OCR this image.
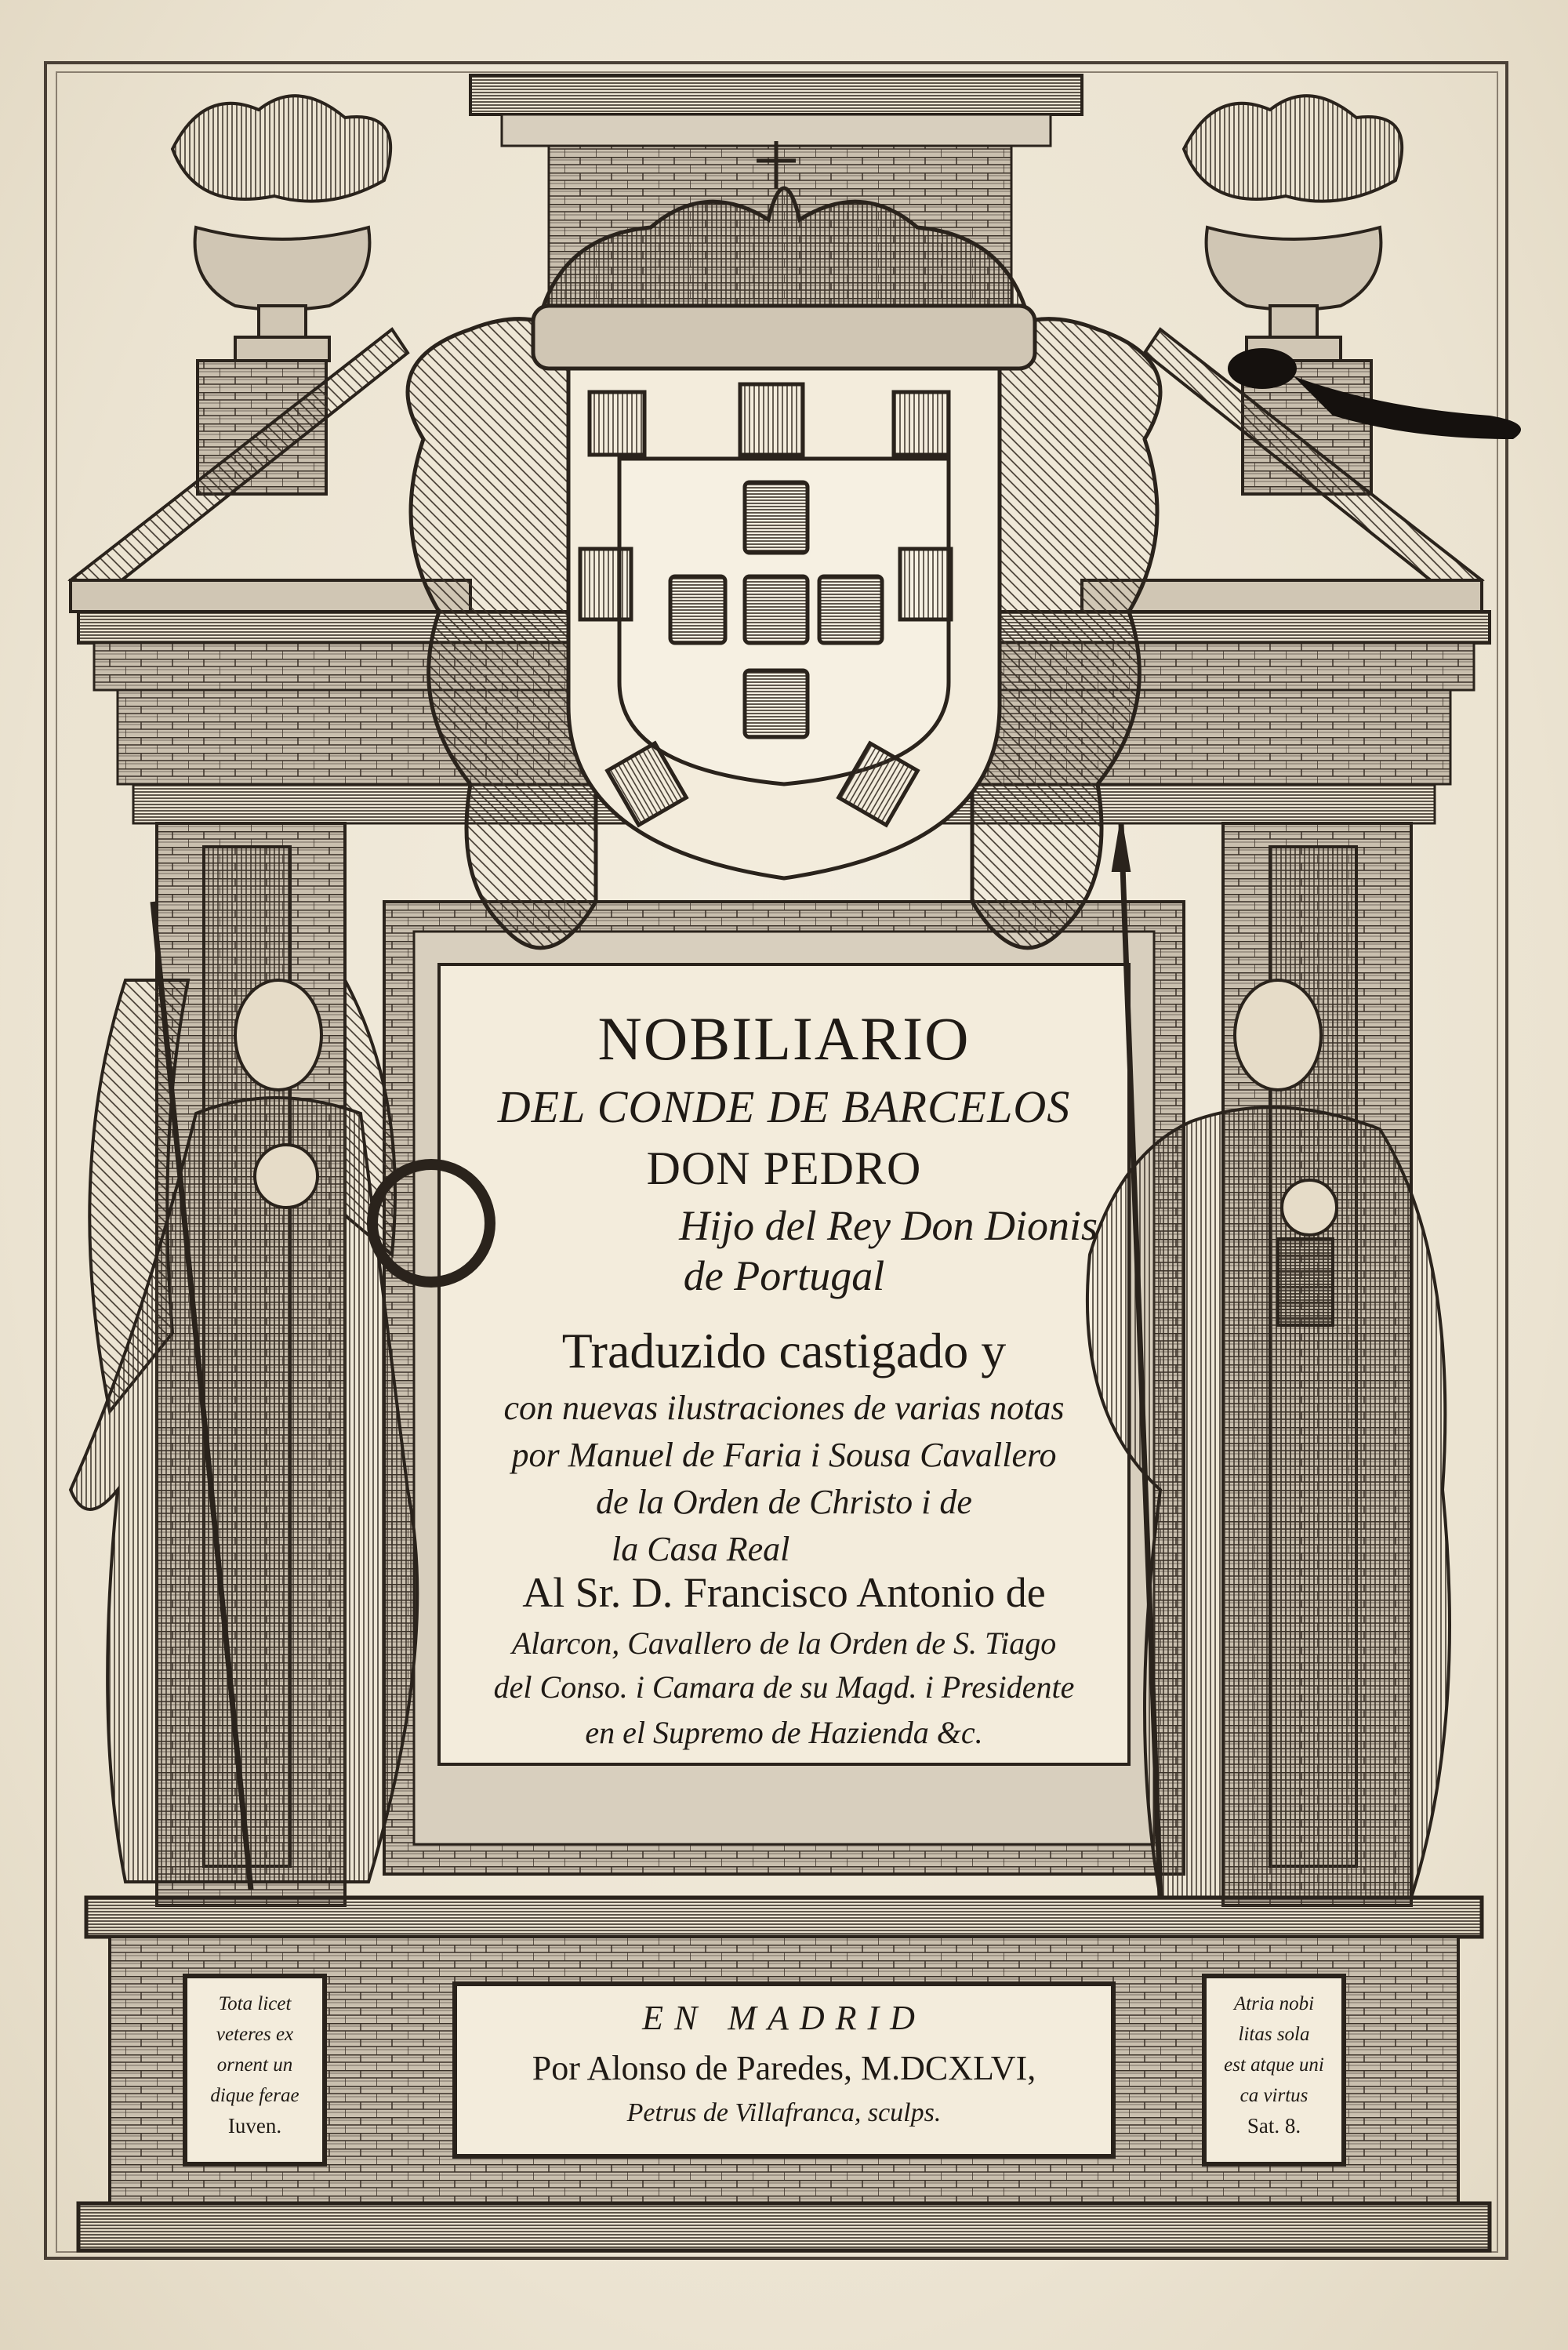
NOBILIARIO
DEL CONDE DE BARCELOS
DON PEDRO
Hijo del Rey Don Dionis
de Portugal
Traduzido castigado y
con nuevas ilustraciones de varias notas
por Manuel de Faria i Sousa Cavallero
de la Orden de Christo i de
la Casa Real
Al Sr. D. Francisco Antonio de
Alarcon, Cavallero de la Orden de S. Tiago
del Conso. i Camara de su Magd. i Presidente
en el Supremo de Hazienda &c.
EN MADRID
Por Alonso de Paredes, M.DCXLVI,
Petrus de Villafranca, sculps.
Tota licet
veteres ex
ornent un
dique ferae
Iuven.
Atria nobi
litas sola
est atque uni
ca virtus
Sat. 8.
